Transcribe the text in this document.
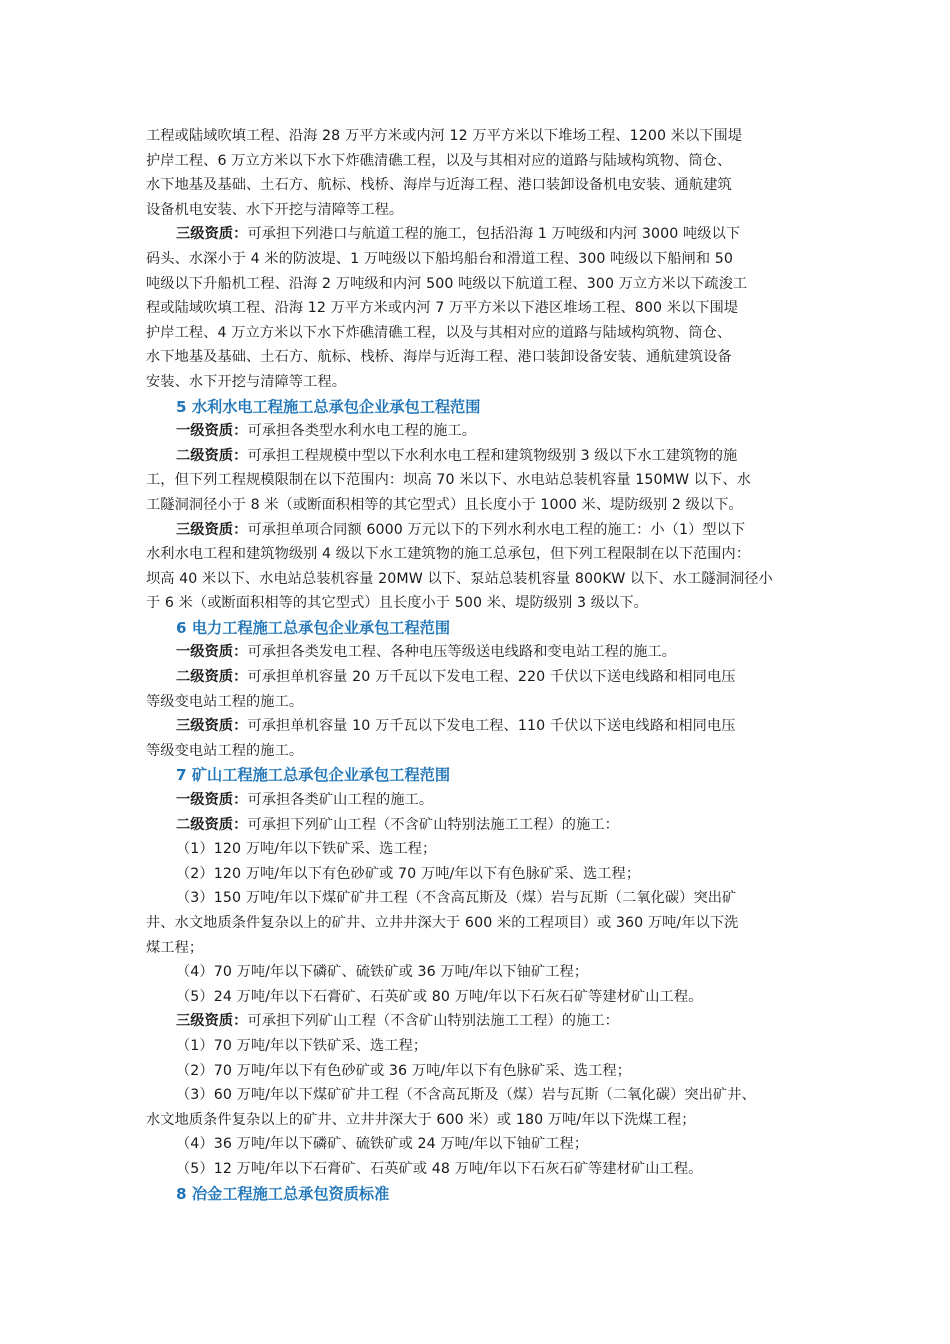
工程或陆域吹填工程、沿海 28 万平方米或内河 12 万平方米以下堆场工程、1200 米以下围堤
护岸工程、6 万立方米以下水下炸礁清礁工程，以及与其相对应的道路与陆域构筑物、筒仓、
水下地基及基础、土石方、航标、栈桥、海岸与近海工程、港口装卸设备机电安装、通航建筑
设备机电安装、水下开挖与清障等工程。
三级资质：可承担下列港口与航道工程的施工，包括沿海 1 万吨级和内河 3000 吨级以下
码头、水深小于 4 米的防波堤、1 万吨级以下船坞船台和滑道工程、300 吨级以下船闸和 50
吨级以下升船机工程、沿海 2 万吨级和内河 500 吨级以下航道工程、300 万立方米以下疏浚工
程或陆域吹填工程、沿海 12 万平方米或内河 7 万平方米以下港区堆场工程、800 米以下围堤
护岸工程、4 万立方米以下水下炸礁清礁工程，以及与其相对应的道路与陆域构筑物、筒仓、
水下地基及基础、土石方、航标、栈桥、海岸与近海工程、港口装卸设备安装、通航建筑设备
安装、水下开挖与清障等工程。
5 水利水电工程施工总承包企业承包工程范围
一级资质：可承担各类型水利水电工程的施工。
二级资质：可承担工程规模中型以下水利水电工程和建筑物级别 3 级以下水工建筑物的施
工，但下列工程规模限制在以下范围内：坝高 70 米以下、水电站总装机容量 150MW 以下、水
工隧洞洞径小于 8 米（或断面积相等的其它型式）且长度小于 1000 米、堤防级别 2 级以下。
三级资质：可承担单项合同额 6000 万元以下的下列水利水电工程的施工：小（1）型以下
水利水电工程和建筑物级别 4 级以下水工建筑物的施工总承包，但下列工程限制在以下范围内：
坝高 40 米以下、水电站总装机容量 20MW 以下、泵站总装机容量 800KW 以下、水工隧洞洞径小
于 6 米（或断面积相等的其它型式）且长度小于 500 米、堤防级别 3 级以下。
6 电力工程施工总承包企业承包工程范围
一级资质：可承担各类发电工程、各种电压等级送电线路和变电站工程的施工。
二级资质：可承担单机容量 20 万千瓦以下发电工程、220 千伏以下送电线路和相同电压
等级变电站工程的施工。
三级资质：可承担单机容量 10 万千瓦以下发电工程、110 千伏以下送电线路和相同电压
等级变电站工程的施工。
7 矿山工程施工总承包企业承包工程范围
一级资质：可承担各类矿山工程的施工。
二级资质：可承担下列矿山工程（不含矿山特别法施工工程）的施工：
（1）120 万吨/年以下铁矿采、选工程；
（2）120 万吨/年以下有色砂矿或 70 万吨/年以下有色脉矿采、选工程；
（3）150 万吨/年以下煤矿矿井工程（不含高瓦斯及（煤）岩与瓦斯（二氧化碳）突出矿
井、水文地质条件复杂以上的矿井、立井井深大于 600 米的工程项目）或 360 万吨/年以下洗
煤工程；
（4）70 万吨/年以下磷矿、硫铁矿或 36 万吨/年以下铀矿工程；
（5）24 万吨/年以下石膏矿、石英矿或 80 万吨/年以下石灰石矿等建材矿山工程。
三级资质：可承担下列矿山工程（不含矿山特别法施工工程）的施工：
（1）70 万吨/年以下铁矿采、选工程；
（2）70 万吨/年以下有色砂矿或 36 万吨/年以下有色脉矿采、选工程；
（3）60 万吨/年以下煤矿矿井工程（不含高瓦斯及（煤）岩与瓦斯（二氧化碳）突出矿井、
水文地质条件复杂以上的矿井、立井井深大于 600 米）或 180 万吨/年以下洗煤工程；
（4）36 万吨/年以下磷矿、硫铁矿或 24 万吨/年以下铀矿工程；
（5）12 万吨/年以下石膏矿、石英矿或 48 万吨/年以下石灰石矿等建材矿山工程。
8 冶金工程施工总承包资质标准
